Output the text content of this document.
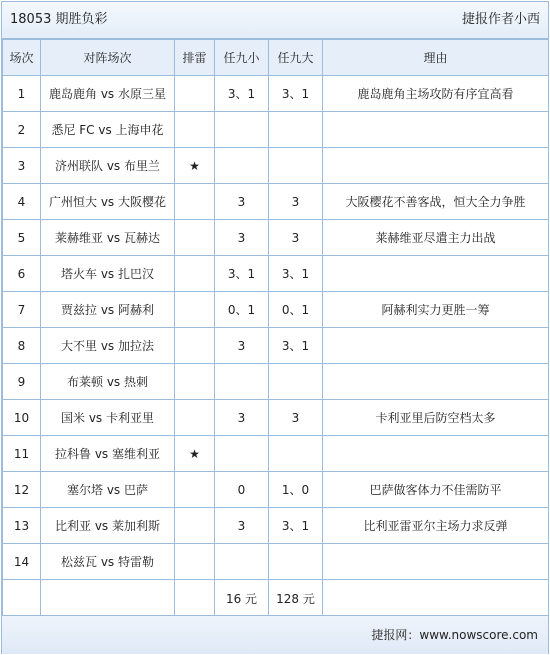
18053 期胜负彩	捷报作者小西
场次	对阵场次	排雷	任九小	任九大	理由
1	鹿岛鹿角 vs 水原三星		3、1	3、1	鹿岛鹿角主场攻防有序宜高看
2	悉尼 FC vs 上海申花				
3	济州联队 vs 布里兰	★			
4	广州恒大 vs 大阪樱花		3	3	大阪樱花不善客战，恒大全力争胜
5	莱赫维亚 vs 瓦赫达		3	3	莱赫维亚尽遣主力出战
6	塔火车 vs 扎巴汉		3、1	3、1	
7	贾兹拉 vs 阿赫利		0、1	0、1	阿赫利实力更胜一筹
8	大不里 vs 加拉法		3	3、1	
9	布莱顿 vs 热刺				
10	国米 vs 卡利亚里		3	3	卡利亚里后防空档太多
11	拉科鲁 vs 塞维利亚	★			
12	塞尔塔 vs 巴萨		0	1、0	巴萨做客体力不佳需防平
13	比利亚 vs 莱加利斯		3	3、1	比利亚雷亚尔主场力求反弹
14	松兹瓦 vs 特雷勒				
			16 元	128 元	
捷报网：www.nowscore.com
